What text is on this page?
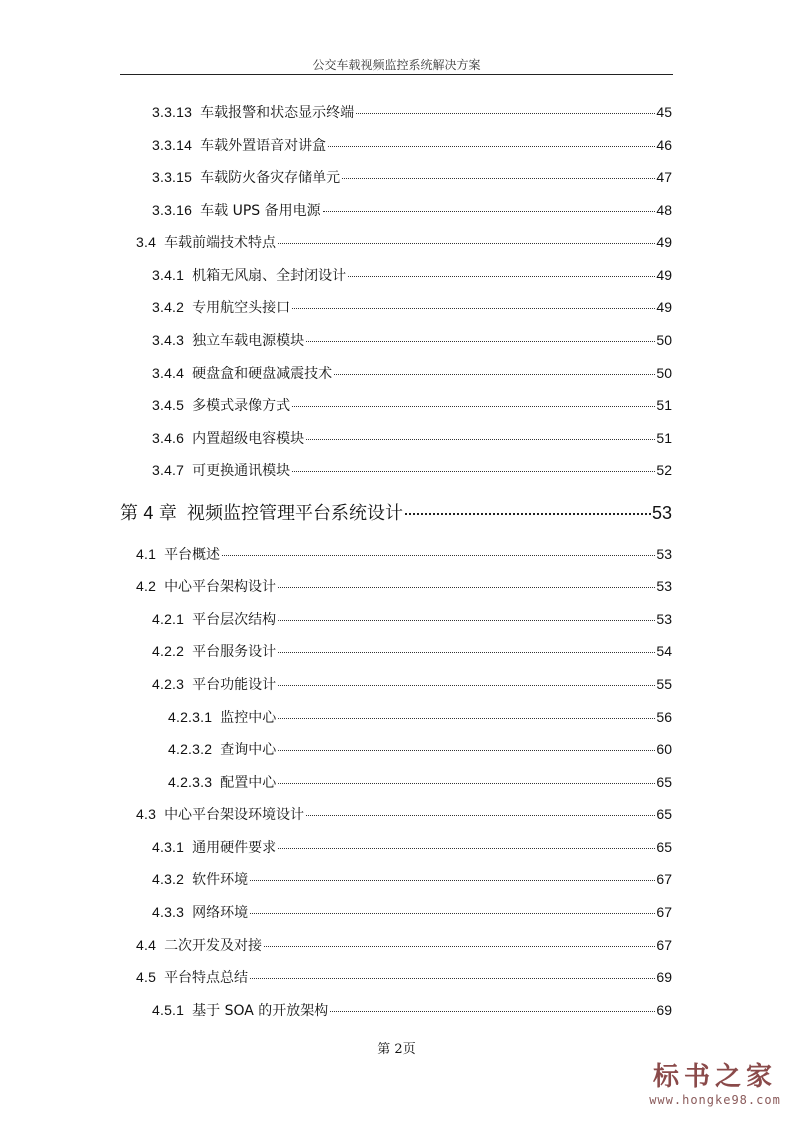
公交车载视频监控系统解决方案
3.3.13 车载报警和状态显示终端	45
3.3.14 车载外置语音对讲盒	46
3.3.15 车载防火备灾存储单元	47
3.3.16 车载 UPS 备用电源	48
3.4 车载前端技术特点	49
3.4.1 机箱无风扇、全封闭设计	49
3.4.2 专用航空头接口	49
3.4.3 独立车载电源模块	50
3.4.4 硬盘盒和硬盘减震技术	50
3.4.5 多模式录像方式	51
3.4.6 内置超级电容模块	51
3.4.7 可更换通讯模块	52
第 4 章 视频监控管理平台系统设计	53
4.1 平台概述	53
4.2 中心平台架构设计	53
4.2.1 平台层次结构	53
4.2.2 平台服务设计	54
4.2.3 平台功能设计	55
4.2.3.1 监控中心	56
4.2.3.2 查询中心	60
4.2.3.3 配置中心	65
4.3 中心平台架设环境设计	65
4.3.1 通用硬件要求	65
4.3.2 软件环境	67
4.3.3 网络环境	67
4.4 二次开发及对接	67
4.5 平台特点总结	69
4.5.1 基于 SOA 的开放架构	69
第 2页
标书之家
www.hongke98.com
